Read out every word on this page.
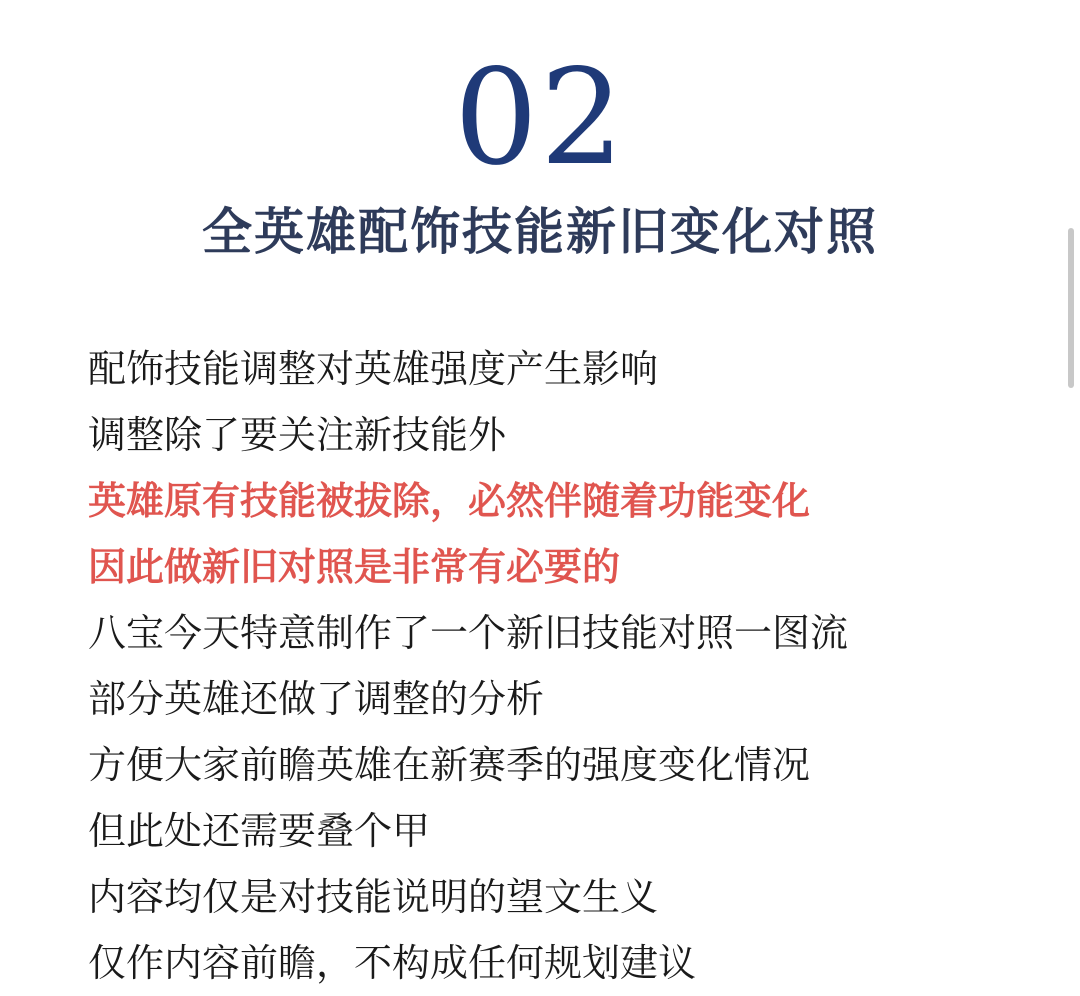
02
全英雄配饰技能新旧变化对照
配饰技能调整对英雄强度产生影响
调整除了要关注新技能外
英雄原有技能被拔除，必然伴随着功能变化
因此做新旧对照是非常有必要的
八宝今天特意制作了一个新旧技能对照一图流
部分英雄还做了调整的分析
方便大家前瞻英雄在新赛季的强度变化情况
但此处还需要叠个甲
内容均仅是对技能说明的望文生义
仅作内容前瞻，不构成任何规划建议
